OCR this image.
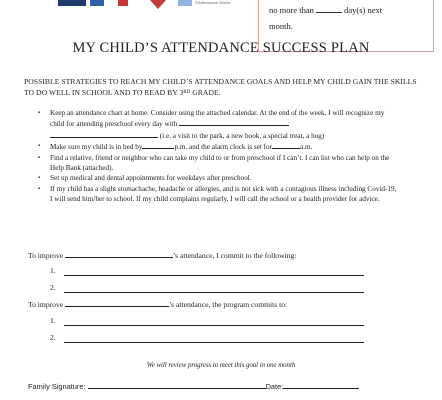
©Attendance Works
no more than	day(s) next
month.
MY CHILD’S ATTENDANCE SUCCESS PLAN
POSSIBLE STRATEGIES TO REACH MY CHILD’S ATTENDANCE GOALS AND HELP MY CHILD GAIN THE SKILLS TO DO WELL IN SCHOOL AND TO READ BY 3RD GRADE.
▪ Keep an attendance chart at home. Consider using the attached calendar. At the end of the week, I will recognize my child for attending preschool every day with
(i.e. a visit to the park, a new book, a special treat, a hug)
▪ Make sure my child is in bed by	p.m. and the alarm clock is set for	a.m.
▪ Find a relative, friend or neighbor who can take my child to or from preschool if I can’t. I can list who can help on the Help Bank (attached).
▪ Set up medical and dental appointments for weekdays after preschool.
▪ If my child has a slight stomachache, headache or allergies, and is not sick with a contagious illness including Covid-19, I will send him/her to school. If my child complains regularly, I will call the school or a health provider for advice.
To improve	’s attendance, I commit to the following:
1.
2.
To improve	’s attendance, the program commits to:
1.
2.
We will review progress to meet this goal in one month
Family Signature:	Date:
